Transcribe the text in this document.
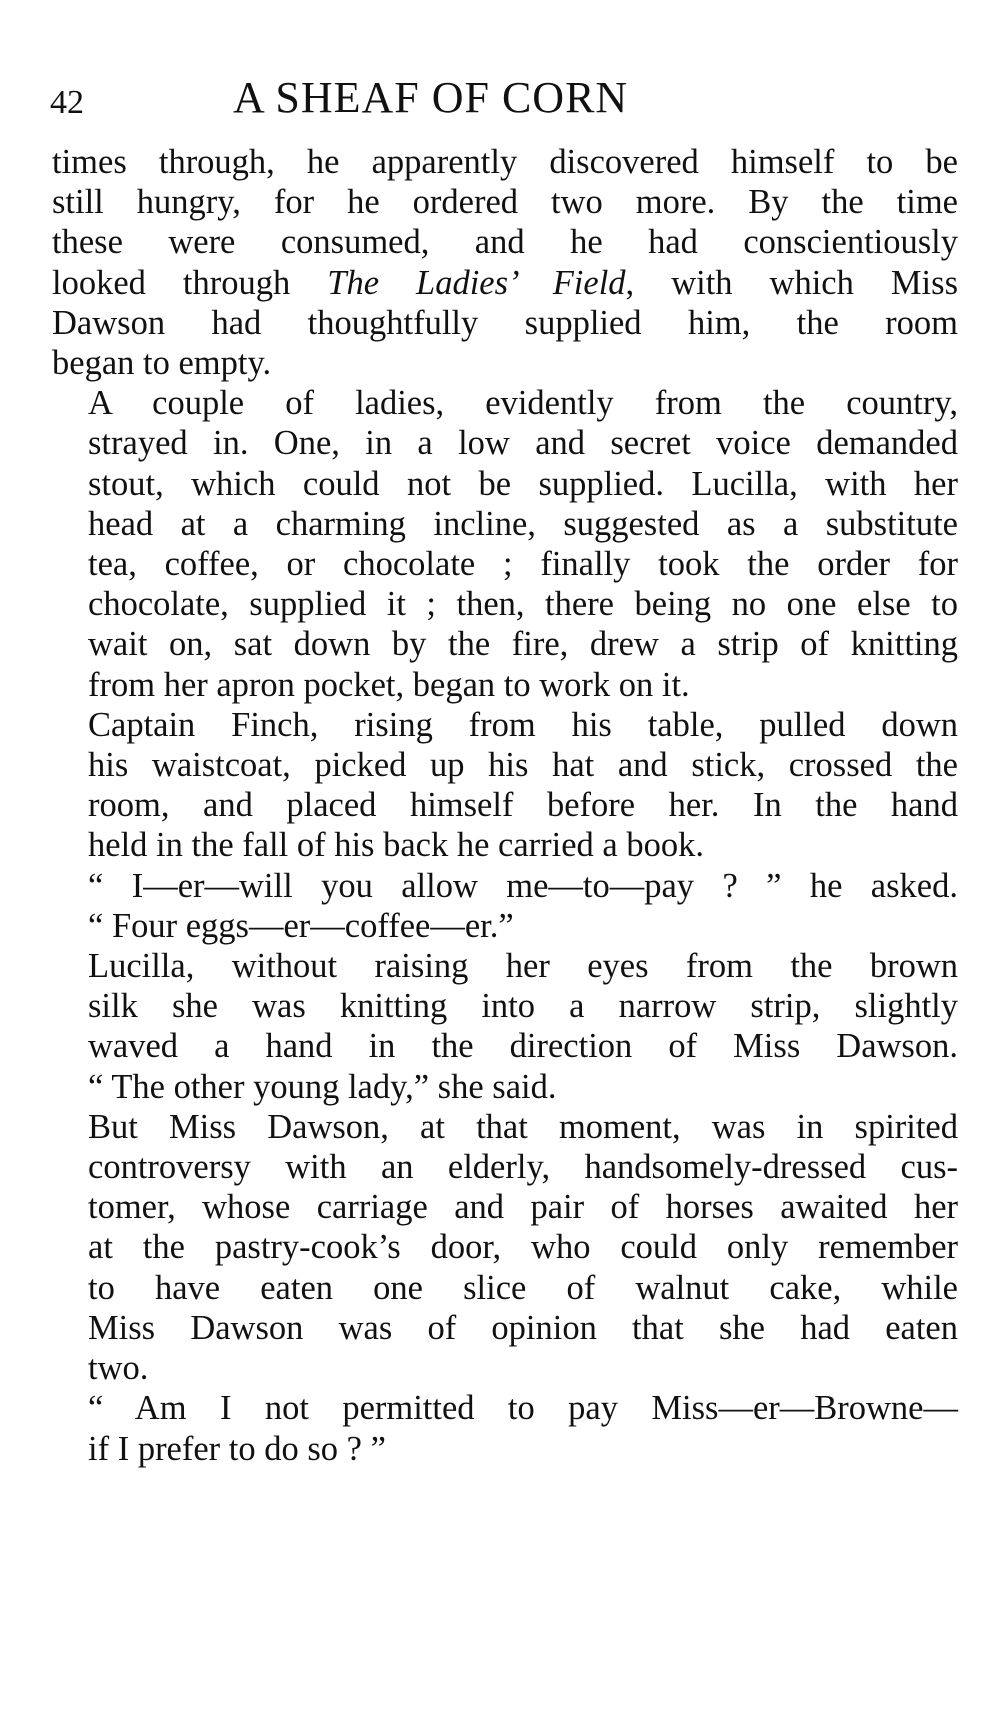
42	A SHEAF OF CORN

times through, he apparently discovered himself to be
still hungry, for he ordered two more. By the time
these were consumed, and he had conscientiously
looked through The Ladies’ Field, with which Miss
Dawson had thoughtfully supplied him, the room
began to empty.

A couple of ladies, evidently from the country,
strayed in. One, in a low and secret voice demanded
stout, which could not be supplied. Lucilla, with her
head at a charming incline, suggested as a substitute
tea, coffee, or chocolate ; finally took the order for
chocolate, supplied it ; then, there being no one else to
wait on, sat down by the fire, drew a strip of knitting
from her apron pocket, began to work on it.

Captain Finch, rising from his table, pulled down
his waistcoat, picked up his hat and stick, crossed the
room, and placed himself before her. In the hand
held in the fall of his back he carried a book.

“ I—er—will you allow me—to—pay ? ” he asked.
“ Four eggs—er—coffee—er.”

Lucilla, without raising her eyes from the brown
silk she was knitting into a narrow strip, slightly
waved a hand in the direction of Miss Dawson.
“ The other young lady,” she said.

But Miss Dawson, at that moment, was in spirited
controversy with an elderly, handsomely-dressed cus-
tomer, whose carriage and pair of horses awaited her
at the pastry-cook’s door, who could only remember
to have eaten one slice of walnut cake, while
Miss Dawson was of opinion that she had eaten
two.

“ Am I not permitted to pay Miss—er—Browne—
if I prefer to do so ? ”
